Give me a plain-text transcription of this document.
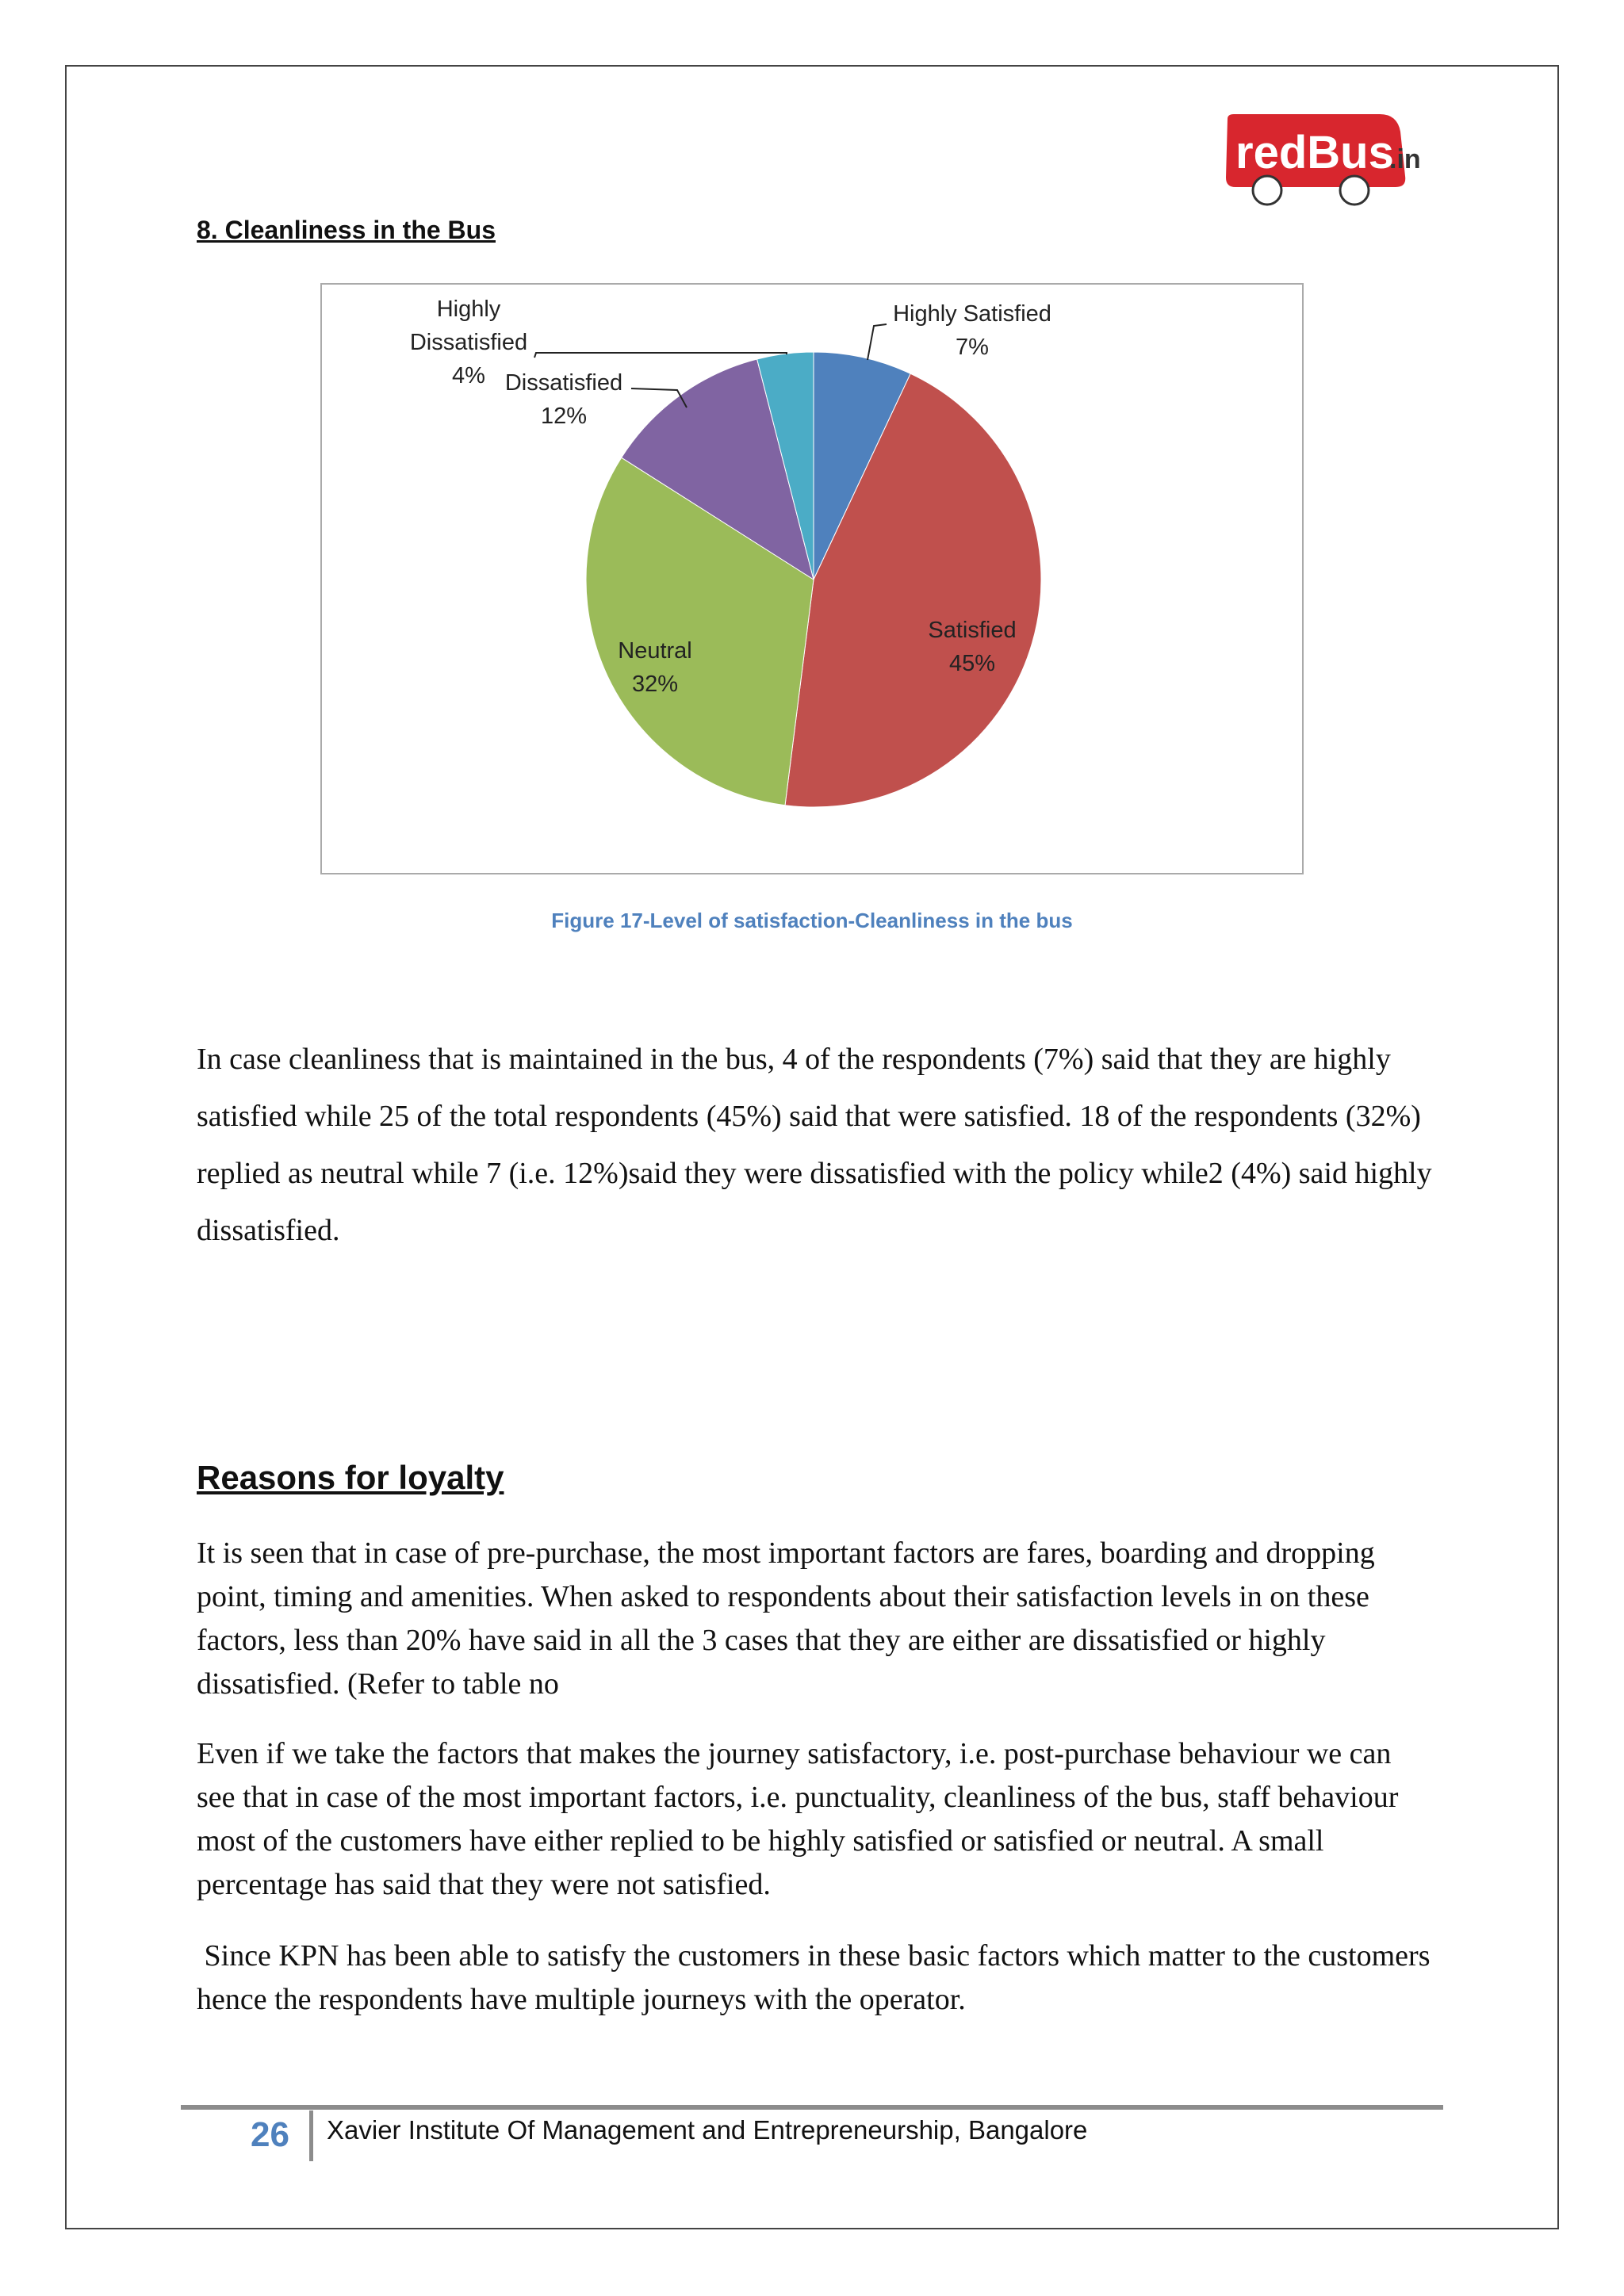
redBus
.in
8. Cleanliness in the Bus
Highly Satisfied
7%
Satisfied
45%
Neutral
32%
Dissatisfied
12%
Highly
Dissatisfied
4%
Figure 17-Level of satisfaction-Cleanliness in the bus

In case cleanliness that is maintained in the bus, 4 of the respondents (7%) said that they are highly satisfied while 25 of the total respondents (45%) said that were satisfied. 18 of the respondents (32%) replied as neutral while 7 (i.e. 12%)said they were dissatisfied with the policy while2 (4%) said highly dissatisfied.

Reasons for loyalty

It is seen that in case of pre-purchase, the most important factors are fares, boarding and dropping point, timing and amenities. When asked to respondents about their satisfaction levels in on these factors, less than 20% have said in all the 3 cases that they are either are dissatisfied or highly dissatisfied. (Refer to table no

Even if we take the factors that makes the journey satisfactory, i.e. post-purchase behaviour we can see that in case of the most important factors, i.e. punctuality, cleanliness of the bus, staff behaviour most of the customers have either replied to be highly satisfied or satisfied or neutral. A small percentage has said that they were not satisfied.

Since KPN has been able to satisfy the customers in these basic factors which matter to the customers hence the respondents have multiple journeys with the operator.

26 Xavier Institute Of Management and Entrepreneurship, Bangalore
